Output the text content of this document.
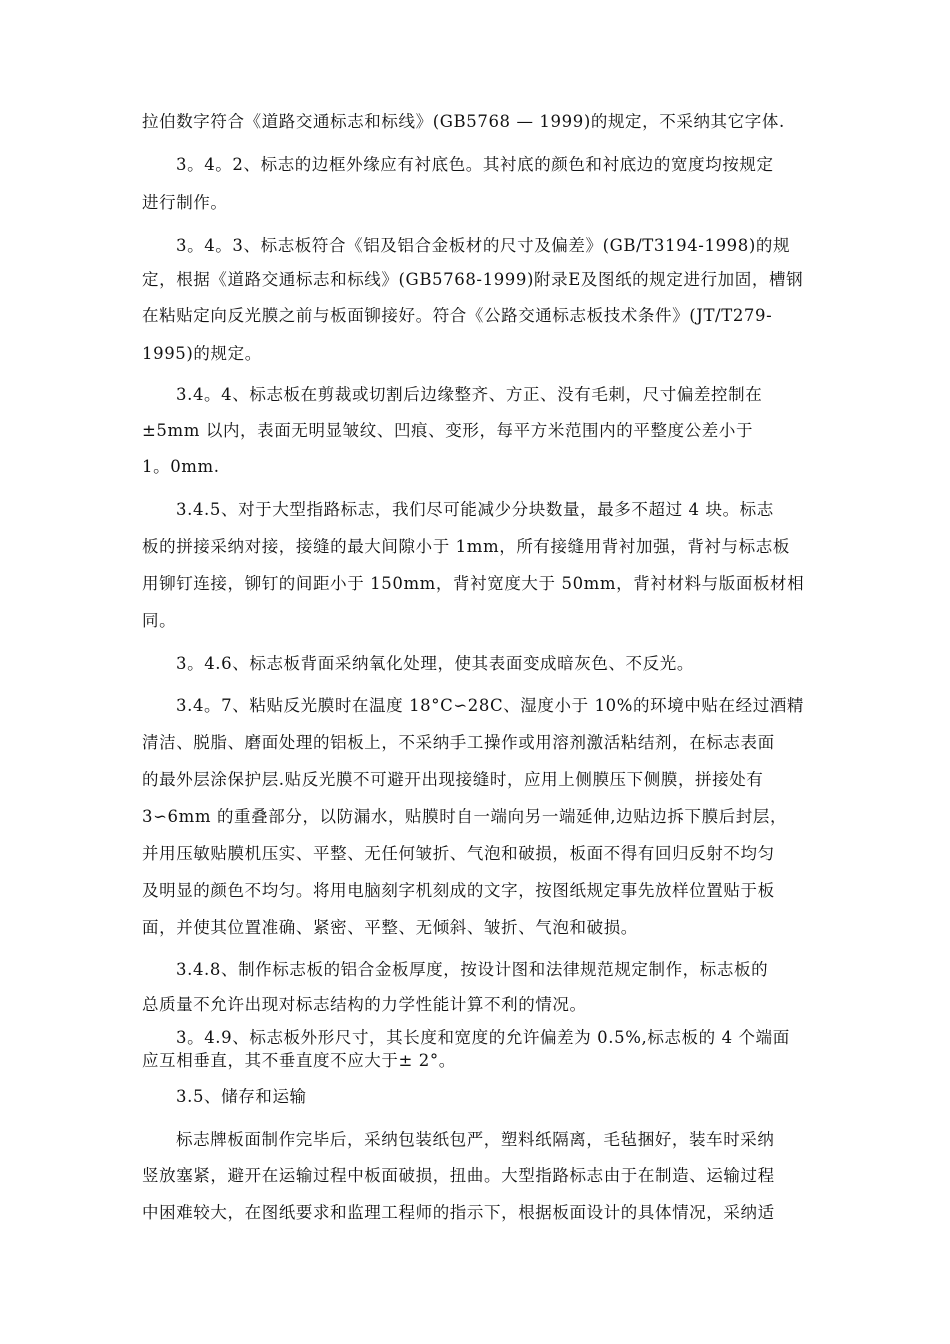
拉伯数字符合《道路交通标志和标线》(GB5768 — 1999)的规定，不采纳其它字体.
3。4。2、标志的边框外缘应有衬底色。其衬底的颜色和衬底边的宽度均按规定
进行制作。
3。4。3、标志板符合《铝及铝合金板材的尺寸及偏差》(GB/T3194-1998)的规
定，根据《道路交通标志和标线》(GB5768-1999)附录E及图纸的规定进行加固，槽钢
在粘贴定向反光膜之前与板面铆接好。符合《公路交通标志板技术条件》(JT/T279-
1995)的规定。
3.4。4、标志板在剪裁或切割后边缘整齐、方正、没有毛刺，尺寸偏差控制在
±5mm 以内，表面无明显皱纹、凹痕、变形，每平方米范围内的平整度公差小于
1。0mm.
3.4.5、对于大型指路标志，我们尽可能减少分块数量，最多不超过 4 块。标志
板的拼接采纳对接，接缝的最大间隙小于 1mm，所有接缝用背衬加强，背衬与标志板
用铆钉连接，铆钉的间距小于 150mm，背衬宽度大于 50mm，背衬材料与版面板材相
同。
3。4.6、标志板背面采纳氧化处理，使其表面变成暗灰色、不反光。
3.4。7、粘贴反光膜时在温度 18°C∽28C、湿度小于 10%的环境中贴在经过酒精
清洁、脱脂、磨面处理的铝板上，不采纳手工操作或用溶剂激活粘结剂，在标志表面
的最外层涂保护层.贴反光膜不可避开出现接缝时，应用上侧膜压下侧膜，拼接处有
3∽6mm 的重叠部分，以防漏水，贴膜时自一端向另一端延伸,边贴边拆下膜后封层，
并用压敏贴膜机压实、平整、无任何皱折、气泡和破损，板面不得有回归反射不均匀
及明显的颜色不均匀。将用电脑刻字机刻成的文字，按图纸规定事先放样位置贴于板
面，并使其位置准确、紧密、平整、无倾斜、皱折、气泡和破损。
3.4.8、制作标志板的铝合金板厚度，按设计图和法律规范规定制作，标志板的
总质量不允许出现对标志结构的力学性能计算不利的情况。
3。4.9、标志板外形尺寸，其长度和宽度的允许偏差为 0.5%,标志板的 4 个端面
应互相垂直，其不垂直度不应大于± 2°。
3.5、储存和运输
标志牌板面制作完毕后，采纳包装纸包严，塑料纸隔离，毛毡捆好，装车时采纳
竖放塞紧，避开在运输过程中板面破损，扭曲。大型指路标志由于在制造、运输过程
中困难较大，在图纸要求和监理工程师的指示下，根据板面设计的具体情况，采纳适
